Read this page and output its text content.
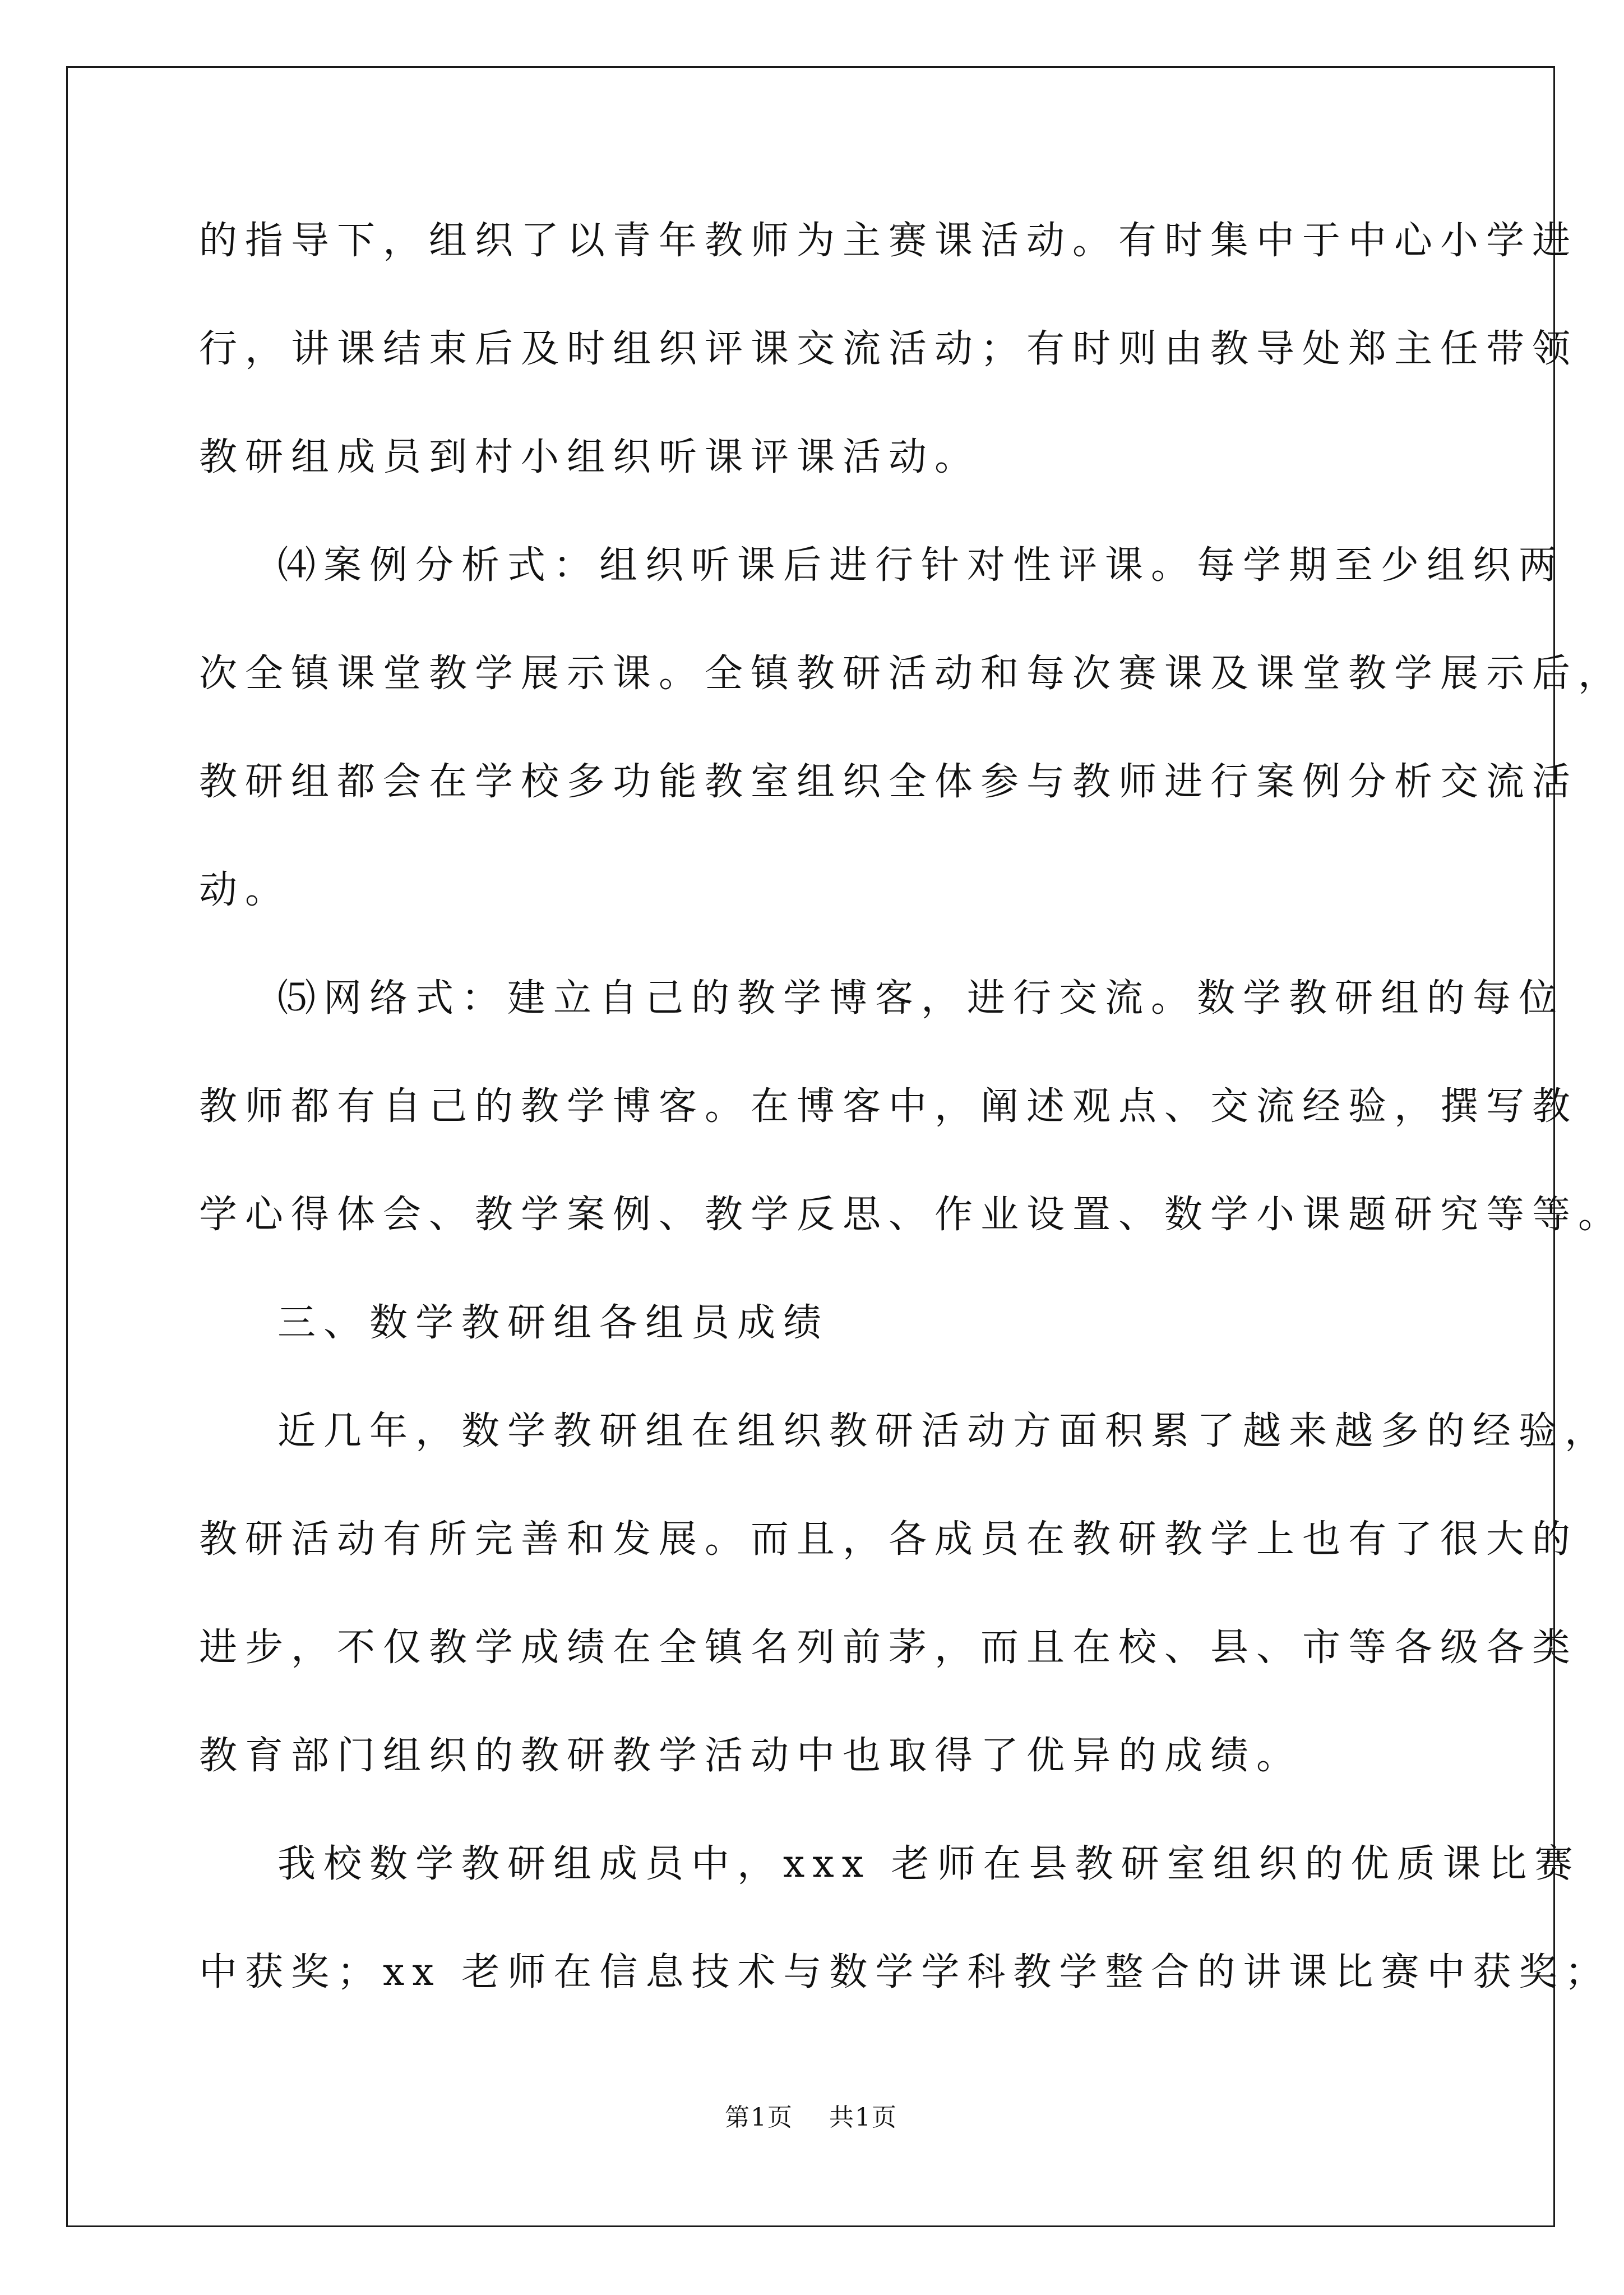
的指导下，组织了以青年教师为主赛课活动。有时集中于中心小学进
行，讲课结束后及时组织评课交流活动；有时则由教导处郑主任带领
教研组成员到村小组织听课评课活动。
⑷案例分析式：组织听课后进行针对性评课。每学期至少组织两
次全镇课堂教学展示课。全镇教研活动和每次赛课及课堂教学展示后，
教研组都会在学校多功能教室组织全体参与教师进行案例分析交流活
动。
⑸网络式：建立自己的教学博客，进行交流。数学教研组的每位
教师都有自己的教学博客。在博客中，阐述观点、交流经验，撰写教
学心得体会、教学案例、教学反思、作业设置、数学小课题研究等等。
三、数学教研组各组员成绩
近几年，数学教研组在组织教研活动方面积累了越来越多的经验，
教研活动有所完善和发展。而且，各成员在教研教学上也有了很大的
进步，不仅教学成绩在全镇名列前茅，而且在校、县、市等各级各类
教育部门组织的教研教学活动中也取得了优异的成绩。
我校数学教研组成员中，xxx 老师在县教研室组织的优质课比赛
中获奖；xx 老师在信息技术与数学学科教学整合的讲课比赛中获奖；
第1页 共1页
